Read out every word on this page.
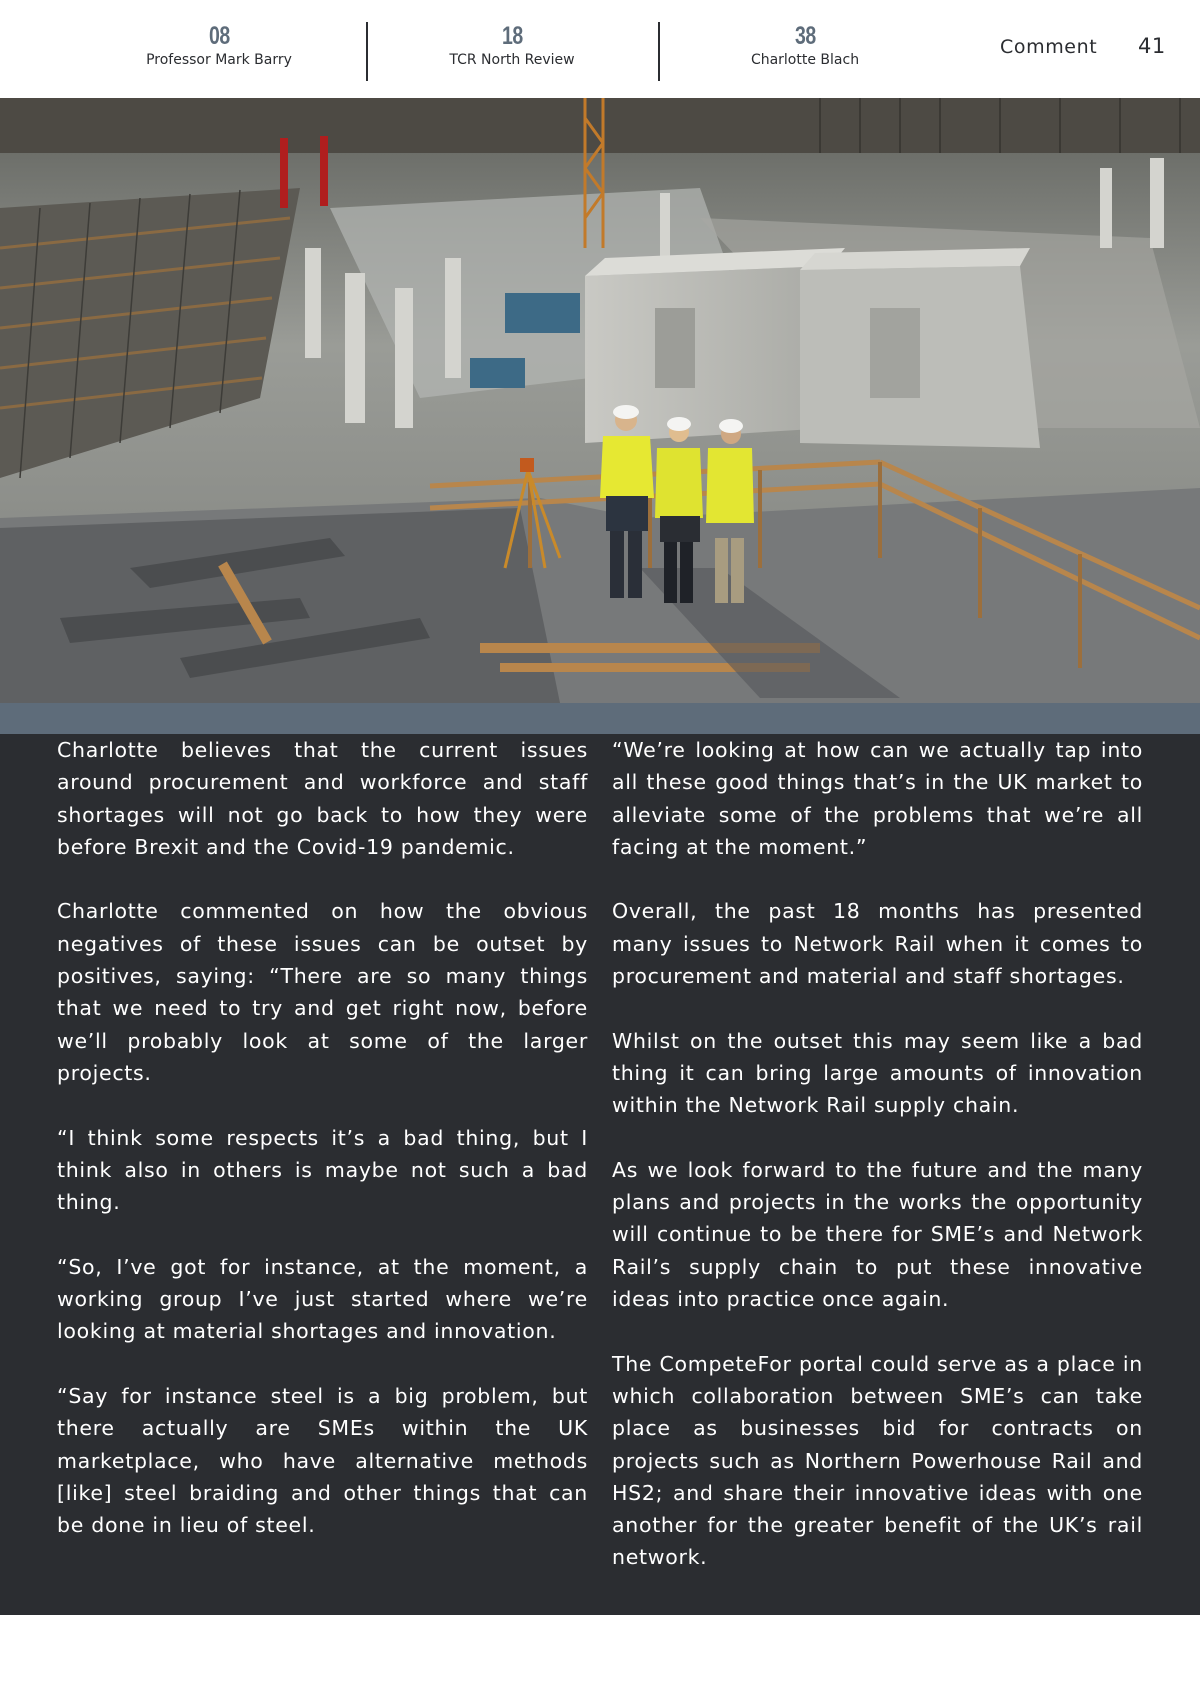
08
Professor Mark Barry
18
TCR North Review
38
Charlotte Blach
Comment 41

Charlotte believes that the current issues around procurement and workforce and staff shortages will not go back to how they were before Brexit and the Covid-19 pandemic.

Charlotte commented on how the obvious negatives of these issues can be outset by positives, saying: “There are so many things that we need to try and get right now, before we’ll probably look at some of the larger projects.

“I think some respects it’s a bad thing, but I think also in others is maybe not such a bad thing.

“So, I’ve got for instance, at the moment, a working group I’ve just started where we’re looking at material shortages and innovation.

“Say for instance steel is a big problem, but there actually are SMEs within the UK marketplace, who have alternative methods [like] steel braiding and other things that can be done in lieu of steel.

“We’re looking at how can we actually tap into all these good things that’s in the UK market to alleviate some of the problems that we’re all facing at the moment.”

Overall, the past 18 months has presented many issues to Network Rail when it comes to procurement and material and staff shortages.

Whilst on the outset this may seem like a bad thing it can bring large amounts of innovation within the Network Rail supply chain.

As we look forward to the future and the many plans and projects in the works the opportunity will continue to be there for SME’s and Network Rail’s supply chain to put these innovative ideas into practice once again.

The CompeteFor portal could serve as a place in which collaboration between SME’s can take place as businesses bid for contracts on projects such as Northern Powerhouse Rail and HS2; and share their innovative ideas with one another for the greater benefit of the UK’s rail network.
